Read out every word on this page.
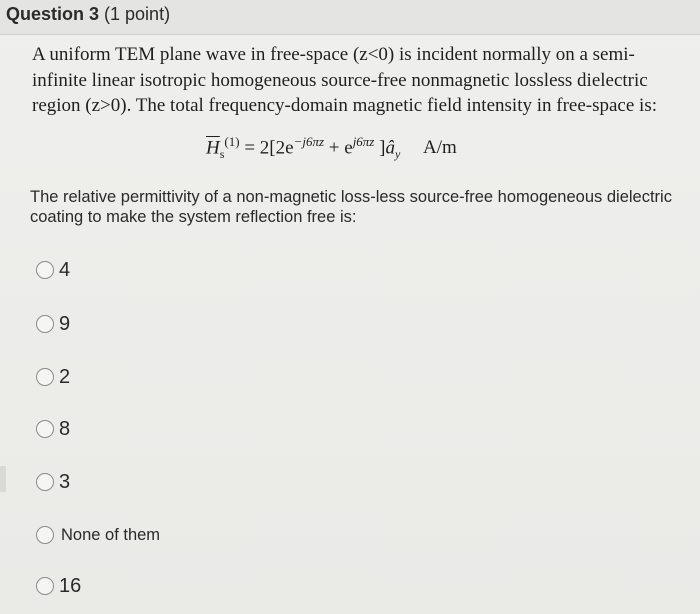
Question 3 (1 point)
A uniform TEM plane wave in free-space (z<0) is incident normally on a semi-infinite linear isotropic homogeneous source-free nonmagnetic lossless dielectric region (z>0). The total frequency-domain magnetic field intensity in free-space is:
$\overline{H}_s^{(1)} = 2[2e^{-j6\pi z} + e^{j6\pi z}$ ]$â_y$ A/m
The relative permittivity of a non-magnetic loss-less source-free homogeneous dielectric coating to make the system reflection free is:
4
9
2
8
3
None of them
16
